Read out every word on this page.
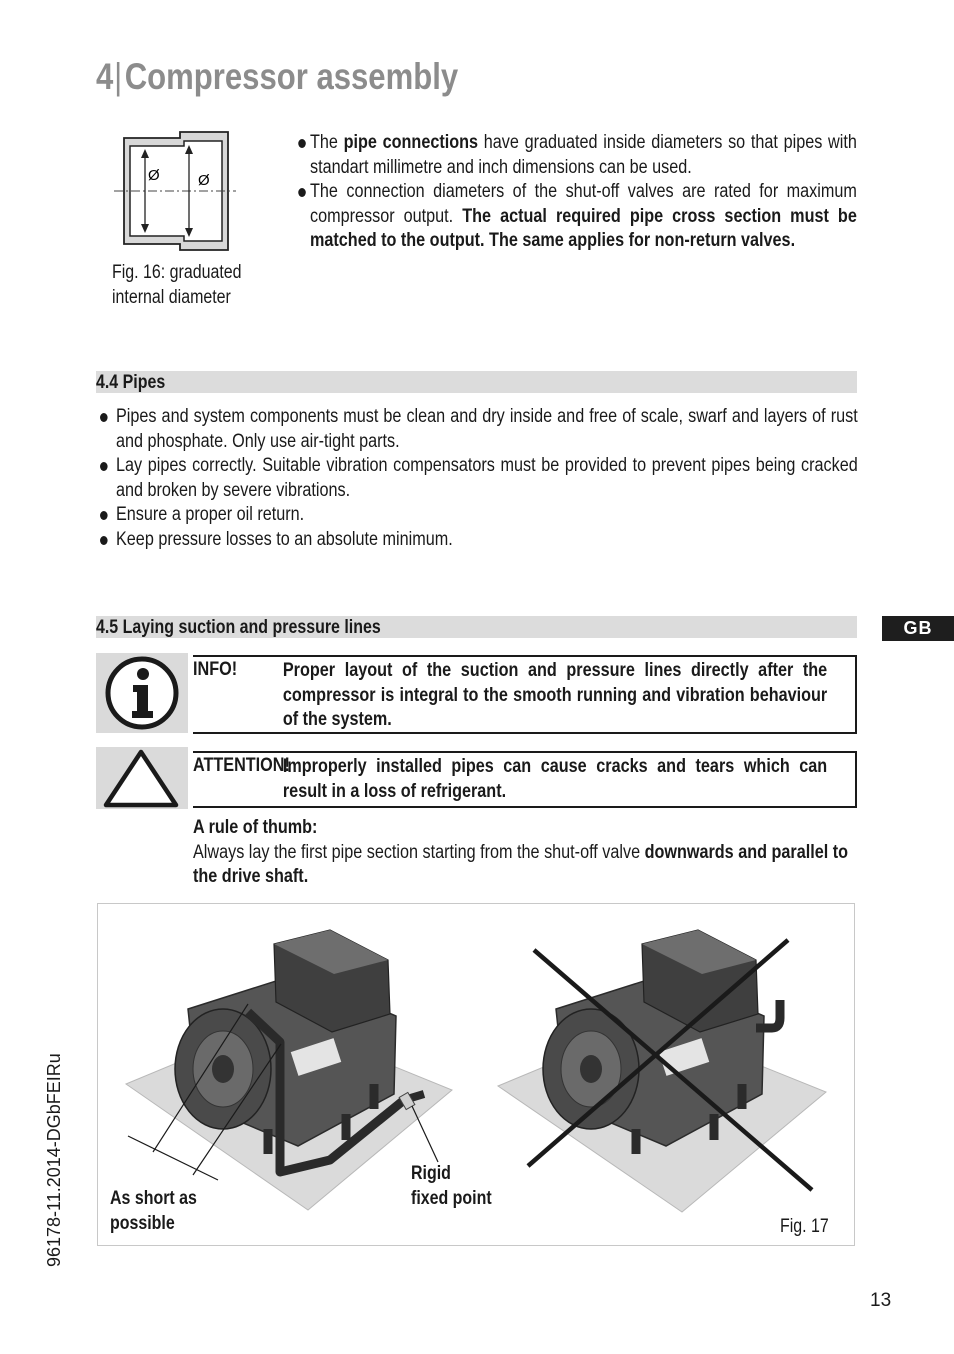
4|Compressor assembly
Ø	Ø
Fig. 16: graduated
internal diameter
The pipe connections have graduated inside diameters so that pipes with standart millimetre and inch dimensions can be used.
The connection diameters of the shut-off valves are rated for maximum compressor output. The actual required pipe cross section must be matched to the output. The same applies for non-return valves.
4.4 Pipes
Pipes and system components must be clean and dry inside and free of scale, swarf and layers of rust and phosphate. Only use air-tight parts.
Lay pipes correctly. Suitable vibration compensators must be provided to prevent pipes being cracked and broken by severe vibrations.
Ensure a proper oil return.
Keep pressure losses to an absolute minimum.
4.5 Laying suction and pressure lines	GB
INFO! Proper layout of the suction and pressure lines directly after the compressor is integral to the smooth running and vibration behaviour of the system.
ATTENTION!
Improperly installed pipes can cause cracks and tears which can result in a loss of refrigerant.
A rule of thumb:
Always lay the first pipe section starting from the shut-off valve downwards and parallel to the drive shaft.
As short as
possible
Rigid
fixed point
Fig. 17
96178-11.2014-DGbFEIRu
13
